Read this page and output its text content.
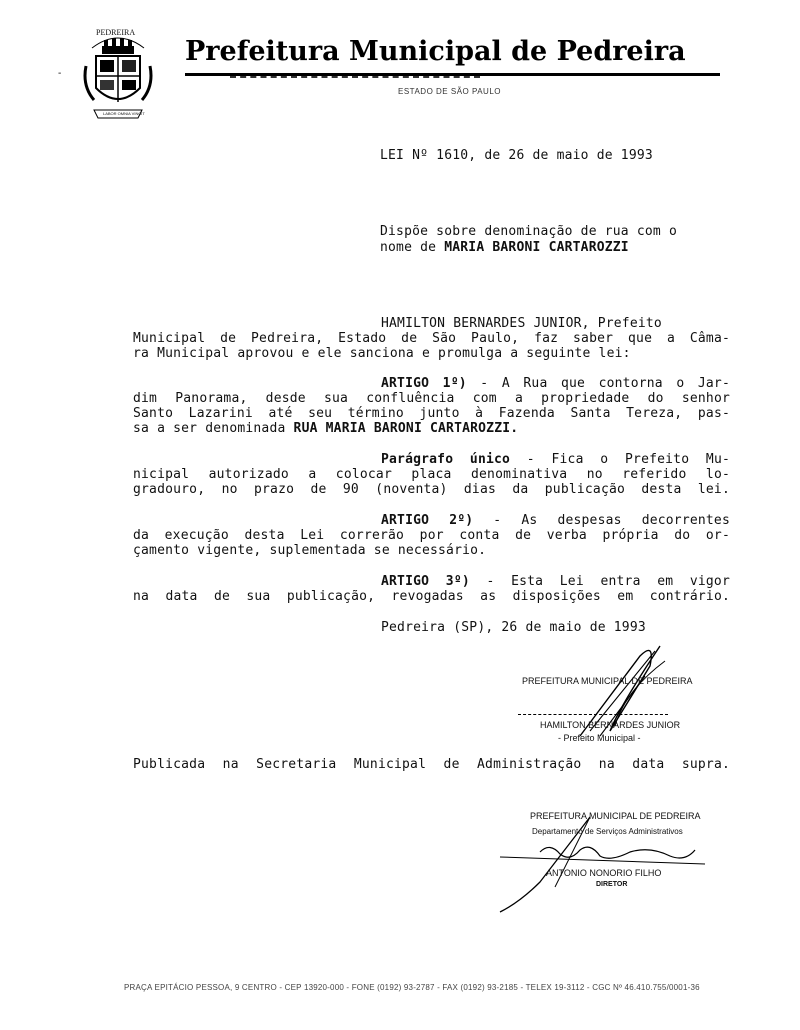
-
PEDREIRA
LABOR OMNIA VINCIT
Prefeitura Municipal de Pedreira
ESTADO DE SÃO PAULO
LEI Nº 1610, de 26 de maio de 1993
Dispõe sobre denominação de rua com o
nome de MARIA BARONI CARTAROZZI
HAMILTON BERNARDES JUNIOR, Prefeito
Municipal de Pedreira, Estado de São Paulo, faz saber que a Câma-
ra Municipal aprovou e ele sanciona e promulga a seguinte lei:
ARTIGO 1º) - A Rua que contorna o Jar-
dim Panorama, desde sua confluência com a propriedade do senhor
Santo Lazarini até seu término junto à Fazenda Santa Tereza, pas-
sa a ser denominada RUA MARIA BARONI CARTAROZZI.
Parágrafo único - Fica o Prefeito Mu-
nicipal autorizado a colocar placa denominativa no referido lo-
gradouro, no prazo de 90 (noventa) dias da publicação desta lei.
ARTIGO 2º) - As despesas decorrentes
da execução desta Lei correrão por conta de verba própria do or-
çamento vigente, suplementada se necessário.
ARTIGO 3º) - Esta Lei entra em vigor
na data de sua publicação, revogadas as disposições em contrário.
Pedreira (SP), 26 de maio de 1993
PREFEITURA MUNICIPAL DE PEDREIRA
HAMILTON BERNARDES JUNIOR
- Prefeito Municipal -
Publicada na Secretaria Municipal de Administração na data supra.
PREFEITURA MUNICIPAL DE PEDREIRA
Departamento de Serviços Administrativos
ANTONIO NONORIO FILHO
DIRETOR
PRAÇA EPITÁCIO PESSOA, 9 CENTRO - CEP 13920-000 - FONE (0192) 93-2787 - FAX (0192) 93-2185 - TELEX 19-3112 - CGC Nº 46.410.755/0001-36
